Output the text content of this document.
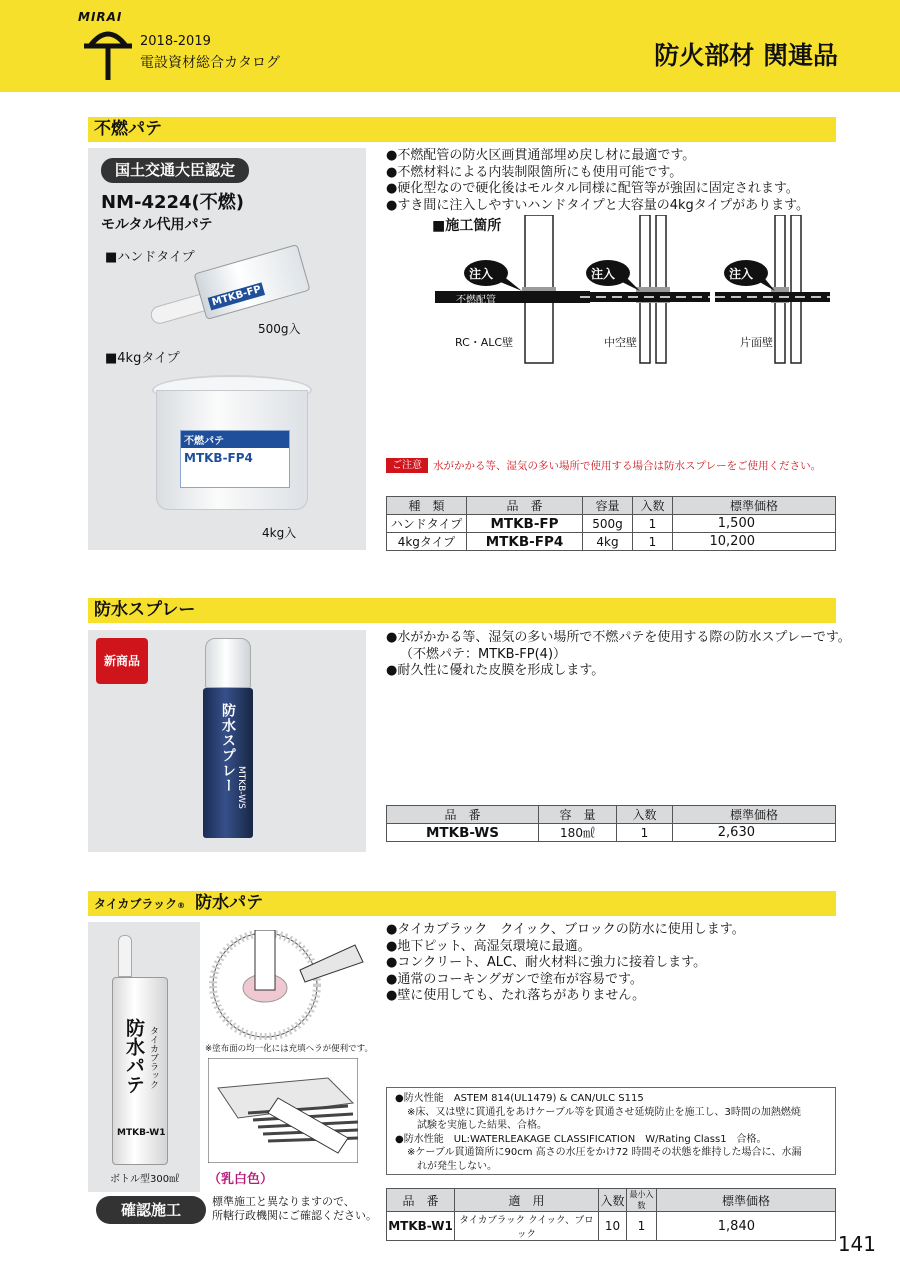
MIRAI
2018-2019
電設資材総合カタログ	防火部材 関連品
不燃パテ
国土交通大臣認定
NM-4224(不燃)
モルタル代用パテ
■ハンドタイプ
MTKB-FP
500g入
■4kgタイプ
不燃パテ
MTKB-FP4
4kg入
●不燃配管の防火区画貫通部埋め戻し材に最適です。
●不燃材料による内装制限箇所にも使用可能です。
●硬化型なので硬化後はモルタル同様に配管等が強固に固定されます。
●すき間に注入しやすいハンドタイプと大容量の4kgタイプがあります。
■施工箇所
注入	注入	注入
不燃配管
RC・ALC壁	中空壁	片面壁
ご注意	水がかかる等、湿気の多い場所で使用する場合は防水スプレーをご使用ください。
種　類	品　番	容量	入数	標準価格
ハンドタイプ	MTKB-FP	500g	1	1,500
4kgタイプ	MTKB-FP4	4kg	1	10,200
防水スプレー
新商品
防水スプレー MTKB-WS
●水がかかる等、湿気の多い場所で不燃パテを使用する際の防水スプレーです。
（不燃パテ：MTKB-FP(4)）
●耐久性に優れた皮膜を形成します。
品　番	容　量	入数	標準価格
MTKB-WS	180㎖	1	2,630
タイカブラック® 防水パテ
防水パテ タイカブラック
MTKB-W1
ボトル型300㎖
※塗布面の均一化には充填ヘラが便利です。
（乳白色）
確認施工	標準施工と異なりますので、
所轄行政機関にご確認ください。
●タイカブラック　クイック、ブロックの防水に使用します。
●地下ピット、高湿気環境に最適。
●コンクリート、ALC、耐火材料に強力に接着します。
●通常のコーキングガンで塗布が容易です。
●壁に使用しても、たれ落ちがありません。
●防火性能　ASTEM 814(UL1479) & CAN/ULC S115
※床、又は壁に貫通孔をあけケーブル等を貫通させ延焼防止を施工し、3時間の加熱燃焼
試験を実施した結果、合格。
●防水性能　UL:WATERLEAKAGE CLASSIFICATION　W/Rating Class1　合格。
※ケーブル貫通箇所に90cm 高さの水圧をかけ72 時間その状態を維持した場合に、水漏
れが発生しない。
品　番	適　用	入数	最小入数	標準価格
MTKB-W1	タイカブラック クイック、ブロック	10	1	1,840
141
